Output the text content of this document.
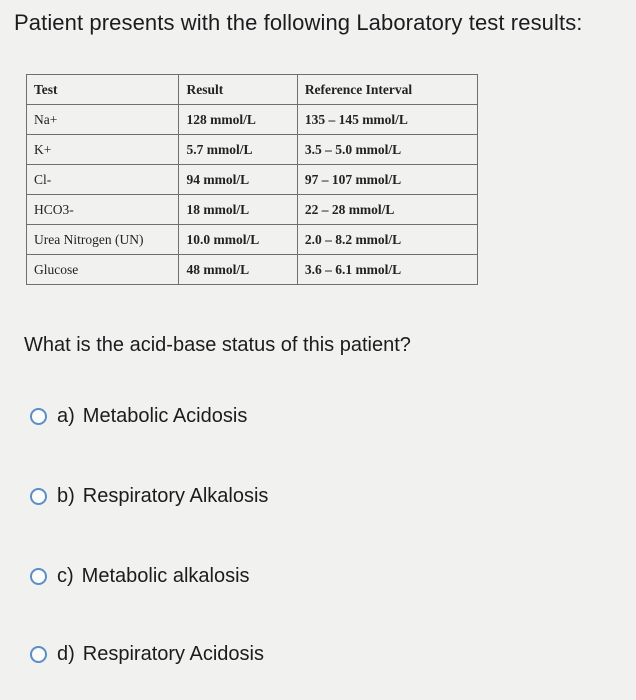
Patient presents with the following Laboratory test results:
Test	Result	Reference Interval
Na+	128 mmol/L	135 – 145 mmol/L
K+	5.7 mmol/L	3.5 – 5.0 mmol/L
Cl-	94 mmol/L	97 – 107 mmol/L
HCO3-	18 mmol/L	22 – 28 mmol/L
Urea Nitrogen (UN)	10.0 mmol/L	2.0 – 8.2 mmol/L
Glucose	48 mmol/L	3.6 – 6.1 mmol/L
What is the acid-base status of this patient?
a) Metabolic Acidosis
b) Respiratory Alkalosis
c) Metabolic alkalosis
d) Respiratory Acidosis
